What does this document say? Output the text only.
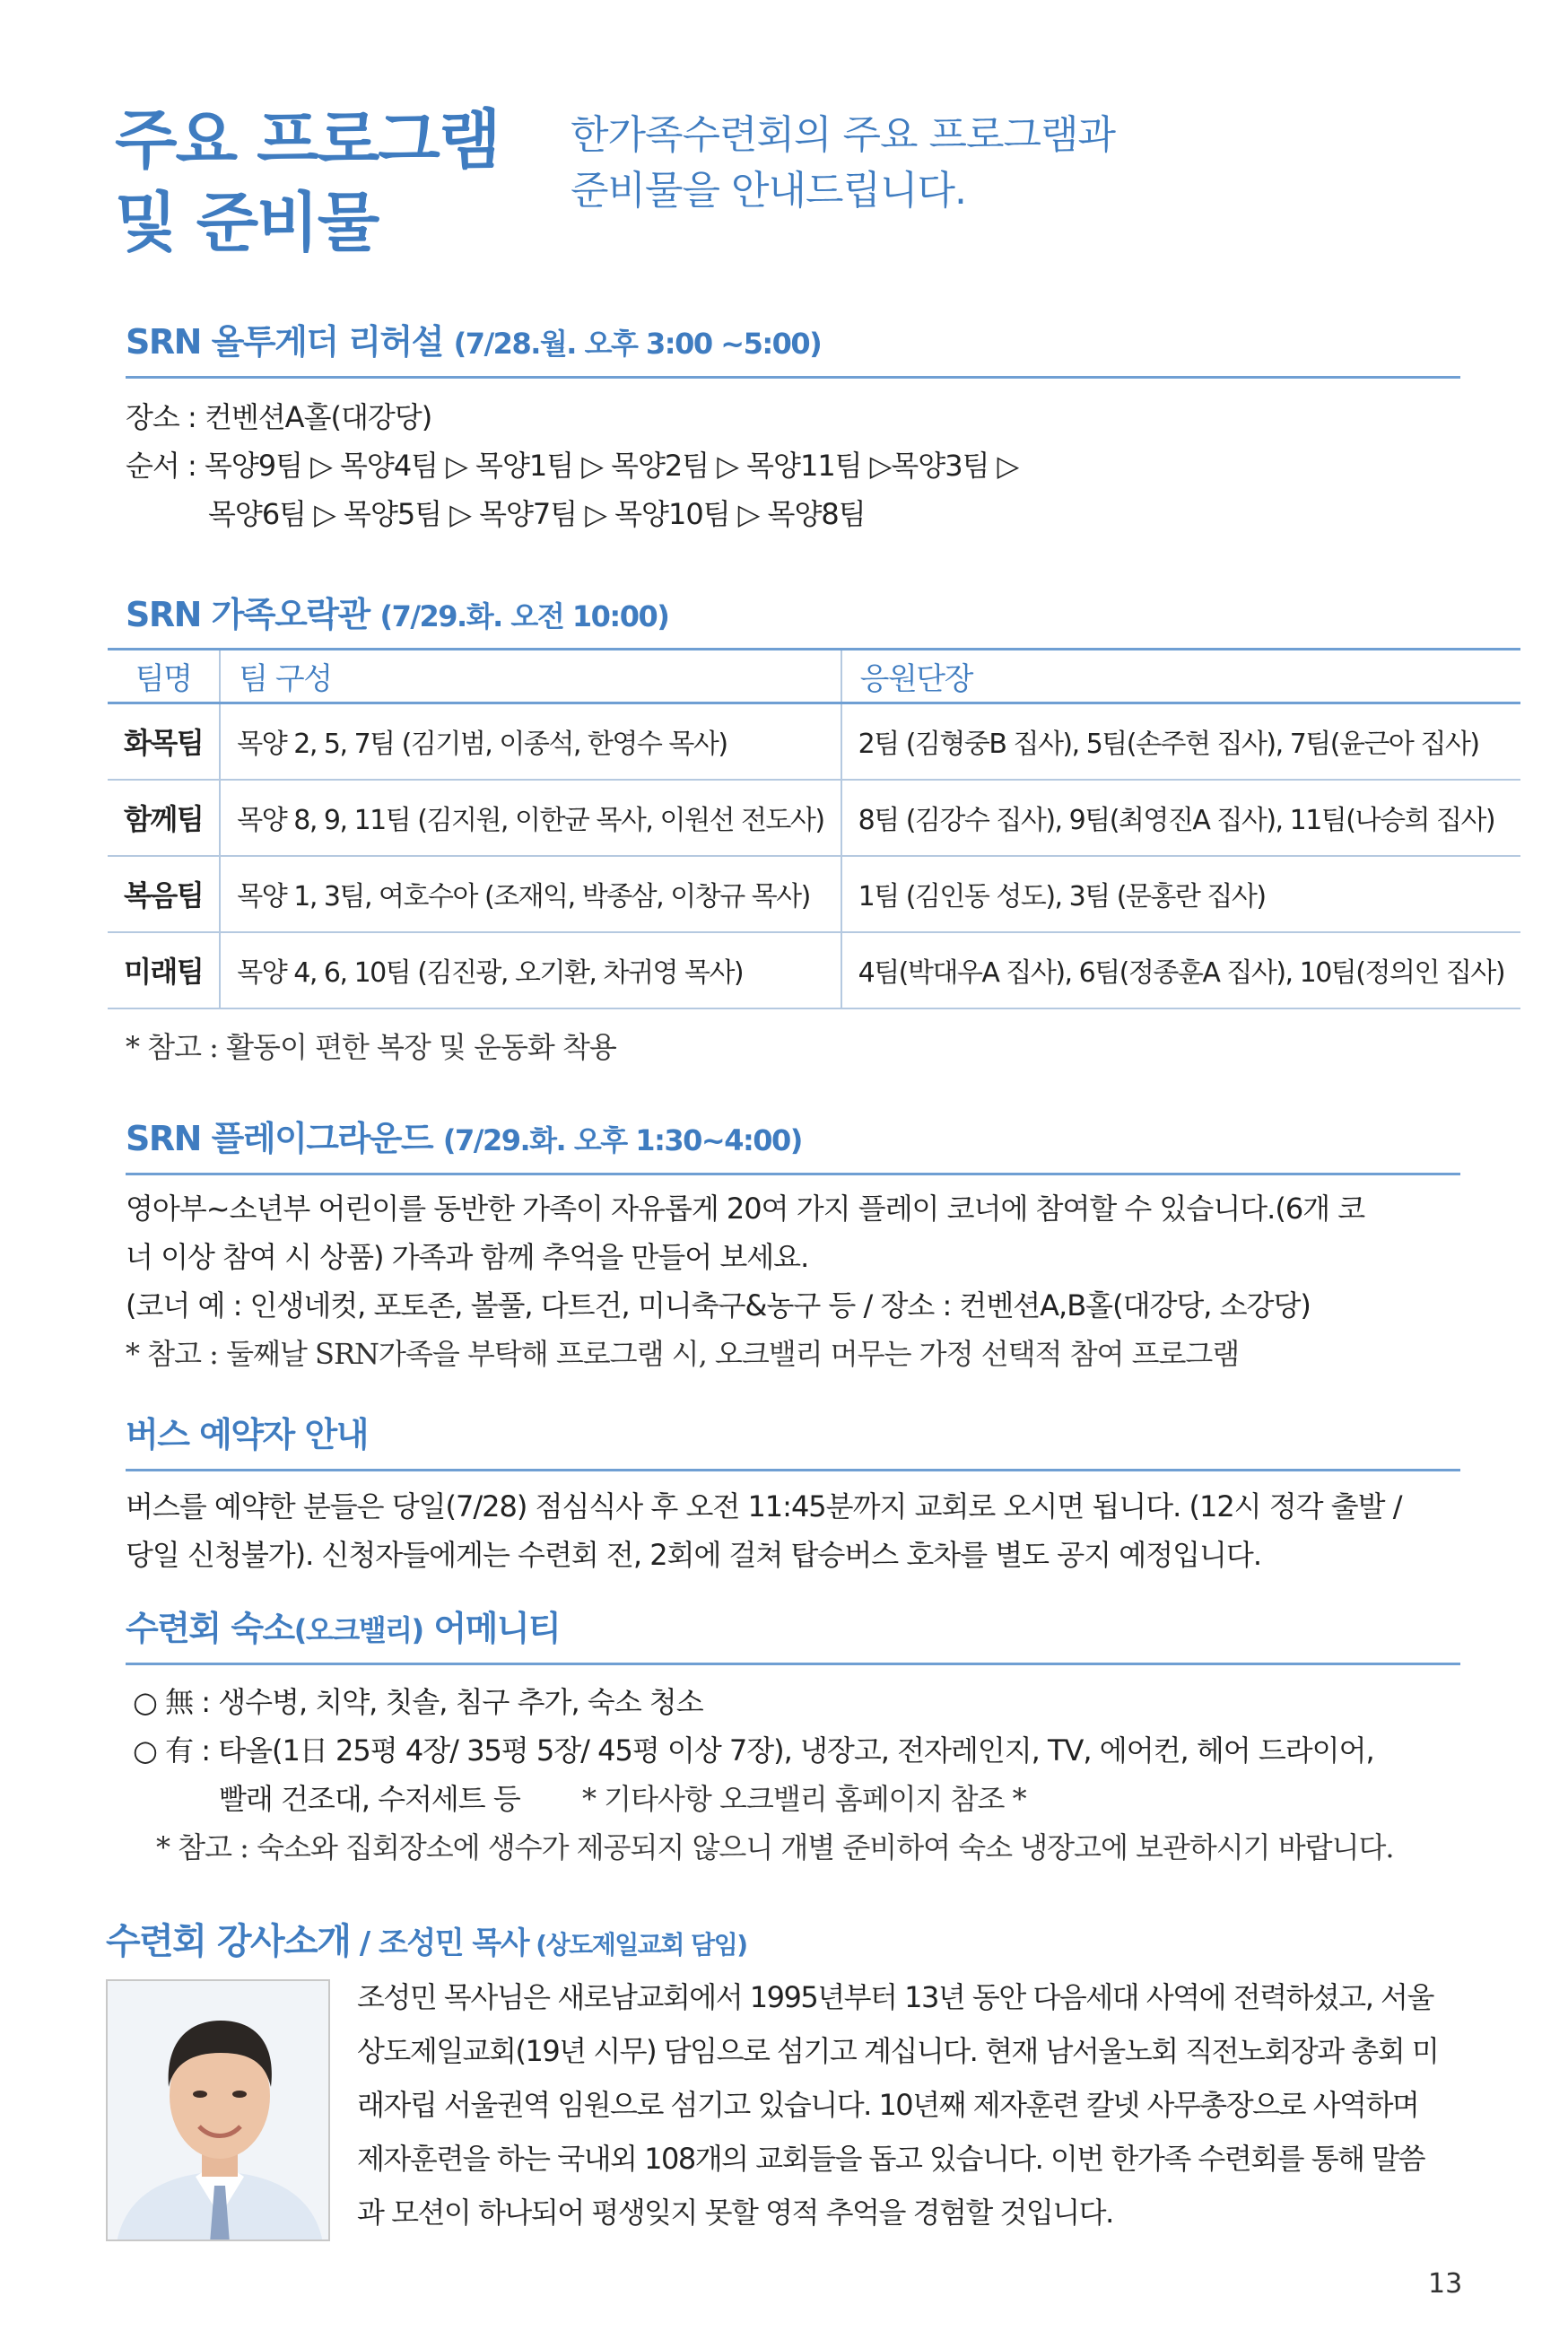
주요 프로그램
및 준비물
한가족수련회의 주요 프로그램과
준비물을 안내드립니다.
SRN 올투게더 리허설 (7/28.월. 오후 3:00 ~5:00)
장소 : 컨벤션A홀(대강당)
순서 : 목양9팀 ▷ 목양4팀 ▷ 목양1팀 ▷ 목양2팀 ▷ 목양11팀 ▷목양3팀 ▷
목양6팀 ▷ 목양5팀 ▷ 목양7팀 ▷ 목양10팀 ▷ 목양8팀
SRN 가족오락관 (7/29.화. 오전 10:00)
팀명	팀 구성	응원단장
화목팀	목양 2, 5, 7팀 (김기범, 이종석, 한영수 목사)	2팀 (김형중B 집사), 5팀(손주현 집사), 7팀(윤근아 집사)
함께팀	목양 8, 9, 11팀 (김지원, 이한균 목사, 이원선 전도사)	8팀 (김강수 집사), 9팀(최영진A 집사), 11팀(나승희 집사)
복음팀	목양 1, 3팀, 여호수아 (조재익, 박종삼, 이창규 목사)	1팀 (김인동 성도), 3팀 (문홍란 집사)
미래팀	목양 4, 6, 10팀 (김진광, 오기환, 차귀영 목사)	4팀(박대우A 집사), 6팀(정종훈A 집사), 10팀(정의인 집사)
* 참고 : 활동이 편한 복장 및 운동화 착용
SRN 플레이그라운드 (7/29.화. 오후 1:30~4:00)
영아부~소년부 어린이를 동반한 가족이 자유롭게 20여 가지 플레이 코너에 참여할 수 있습니다.(6개 코
너 이상 참여 시 상품) 가족과 함께 추억을 만들어 보세요.
(코너 예 : 인생네컷, 포토존, 볼풀, 다트건, 미니축구&농구 등 / 장소 : 컨벤션A,B홀(대강당, 소강당)
* 참고 : 둘째날 SRN가족을 부탁해 프로그램 시, 오크밸리 머무는 가정 선택적 참여 프로그램
버스 예약자 안내
버스를 예약한 분들은 당일(7/28) 점심식사 후 오전 11:45분까지 교회로 오시면 됩니다. (12시 정각 출발 /
당일 신청불가). 신청자들에게는 수련회 전, 2회에 걸쳐 탑승버스 호차를 별도 공지 예정입니다.
수련회 숙소(오크밸리) 어메니티
○ 無 : 생수병, 치약, 칫솔, 침구 추가, 숙소 청소
○ 有 : 타올(1日 25평 4장/ 35평 5장/ 45평 이상 7장), 냉장고, 전자레인지, TV, 에어컨, 헤어 드라이어,
빨래 건조대, 수저세트 등 * 기타사항 오크밸리 홈페이지 참조 *
* 참고 : 숙소와 집회장소에 생수가 제공되지 않으니 개별 준비하여 숙소 냉장고에 보관하시기 바랍니다.
수련회 강사소개 / 조성민 목사 (상도제일교회 담임)
조성민 목사님은 새로남교회에서 1995년부터 13년 동안 다음세대 사역에 전력하셨고, 서울
상도제일교회(19년 시무) 담임으로 섬기고 계십니다. 현재 남서울노회 직전노회장과 총회 미
래자립 서울권역 임원으로 섬기고 있습니다. 10년째 제자훈련 칼넷 사무총장으로 사역하며
제자훈련을 하는 국내외 108개의 교회들을 돕고 있습니다. 이번 한가족 수련회를 통해 말씀
과 모션이 하나되어 평생잊지 못할 영적 추억을 경험할 것입니다.
13
